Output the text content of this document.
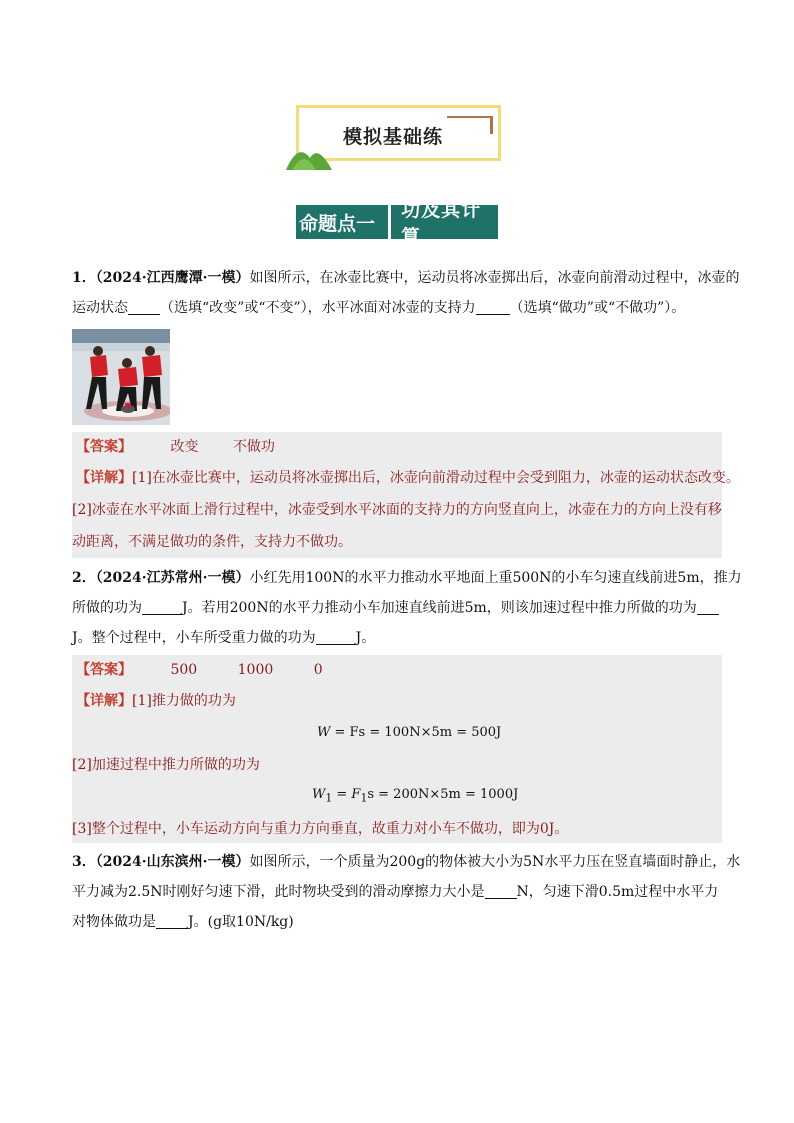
模拟基础练
命题点一
功及其计算
1．（2024·江西鹰潭·一模）如图所示，在冰壶比赛中，运动员将冰壶掷出后，冰壶向前滑动过程中，冰壶的
运动状态 （选填“改变”或“不变”），水平冰面对冰壶的支持力 （选填“做功”或“不做功”）。
【答案】	改变 不做功
【详解】[1]在冰壶比赛中，运动员将冰壶掷出后，冰壶向前滑动过程中会受到阻力，冰壶的运动状态改变。
[2]冰壶在水平冰面上滑行过程中，冰壶受到水平冰面的支持力的方向竖直向上，冰壶在力的方向上没有移
动距离，不满足做功的条件，支持力不做功。
2．（2024·江苏常州·一模）小红先用100N的水平力推动水平地面上重500N的小车匀速直线前进5m，推力
所做的功为	J。若用200N的水平力推动小车加速直线前进5m，则该加速过程中推力所做的功为
J。整个过程中，小车所受重力做的功为	J。
【答案】	500	1000	0
【详解】[1]推力做的功为
W = Fs = 100N×5m = 500J
[2]加速过程中推力所做的功为
$W_1 = F_1s = 200N\times 5m = 1000J$
[3]整个过程中，小车运动方向与重力方向垂直，故重力对小车不做功，即为0J。
3．（2024·山东滨州·一模）如图所示，一个质量为200g的物体被大小为5N水平力压在竖直墙面时静止，水
平力减为2.5N时刚好匀速下滑，此时物块受到的滑动摩擦力大小是 N，匀速下滑0.5m过程中水平力
对物体做功是 J。(g取10N/kg)
